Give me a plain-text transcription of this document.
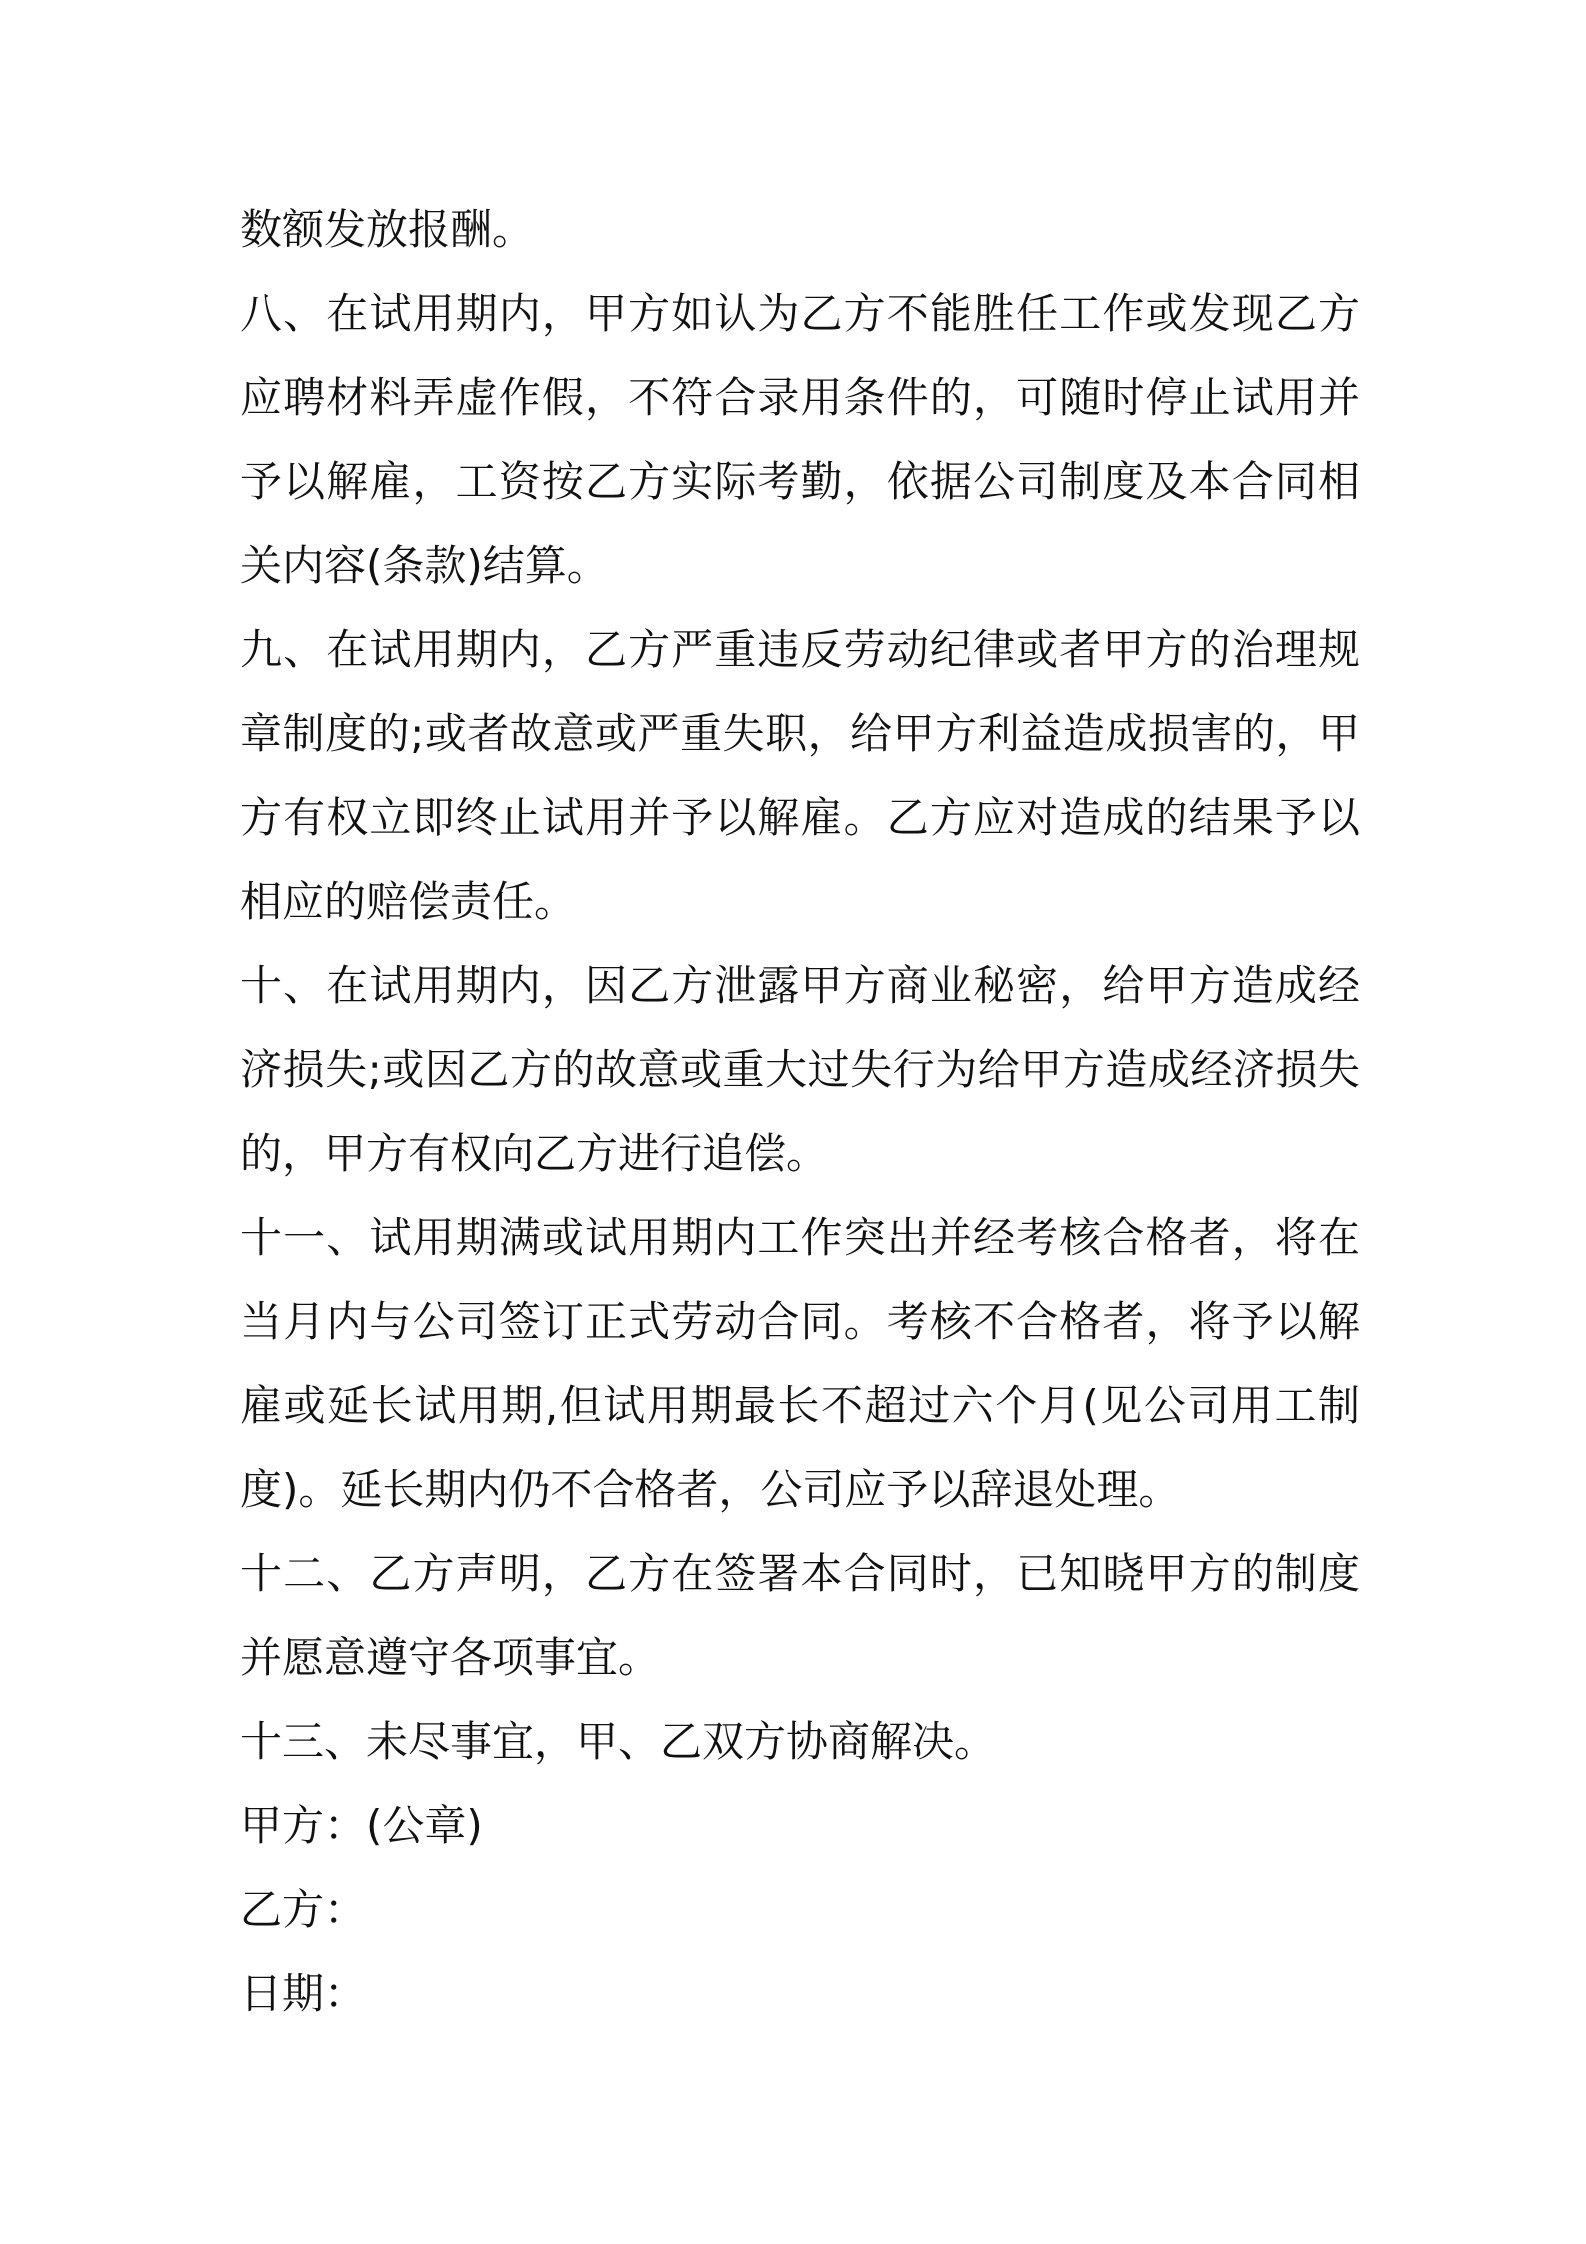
数额发放报酬。

八、在试用期内，甲方如认为乙方不能胜任工作或发现乙方应聘材料弄虚作假，不符合录用条件的，可随时停止试用并予以解雇，工资按乙方实际考勤，依据公司制度及本合同相关内容(条款)结算。

九、在试用期内，乙方严重违反劳动纪律或者甲方的治理规章制度的;或者故意或严重失职，给甲方利益造成损害的，甲方有权立即终止试用并予以解雇。乙方应对造成的结果予以相应的赔偿责任。

十、在试用期内，因乙方泄露甲方商业秘密，给甲方造成经济损失;或因乙方的故意或重大过失行为给甲方造成经济损失的，甲方有权向乙方进行追偿。

十一、试用期满或试用期内工作突出并经考核合格者，将在当月内与公司签订正式劳动合同。考核不合格者，将予以解雇或延长试用期,但试用期最长不超过六个月(见公司用工制度)。延长期内仍不合格者，公司应予以辞退处理。

十二、乙方声明，乙方在签署本合同时，已知晓甲方的制度并愿意遵守各项事宜。

十三、未尽事宜，甲、乙双方协商解决。

甲方：(公章)

乙方：

日期：
